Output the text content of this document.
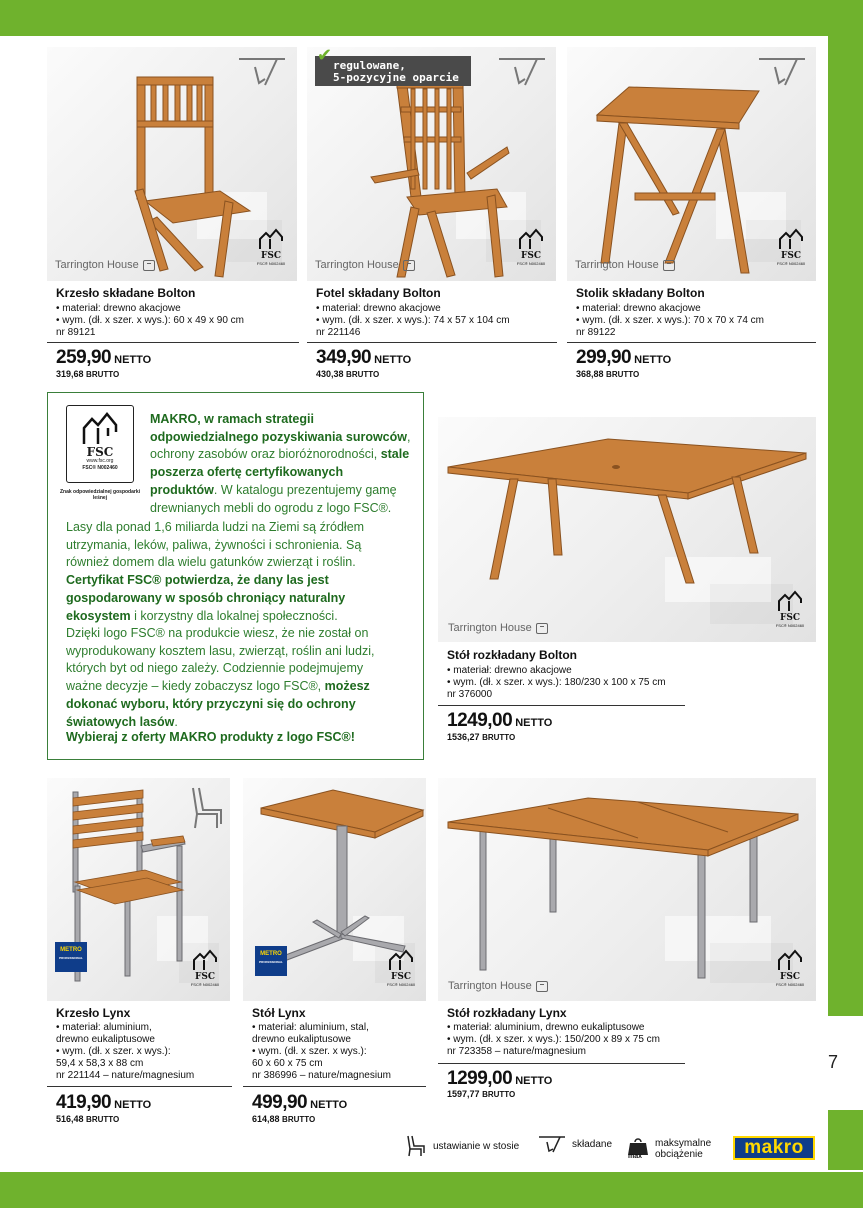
7
Tarrington House
FSC
FSC® N002460
Krzesło składane Bolton
• materiał: drewno akacjowe
• wym. (dł. x szer. x wys.): 60 x 49 x 90 cm
nr 89121
259,90 NETTO
319,68 BRUTTO
Tarrington House
FSC
FSC® N002460
✔ regulowane,
5-pozycyjne oparcie
Fotel składany Bolton
• materiał: drewno akacjowe
• wym. (dł. x szer. x wys.): 74 x 57 x 104 cm
nr 221146
349,90 NETTO
430,38 BRUTTO
Tarrington House
FSC
FSC® N002460
Stolik składany Bolton
• materiał: drewno akacjowe
• wym. (dł. x szer. x wys.): 70 x 70 x 74 cm
nr 89122
299,90 NETTO
368,88 BRUTTO
FSC
www.fsc.org
FSC® N002460
Znak odpowiedzialnej gospodarki leśnej
MAKRO, w ramach strategii odpowiedzialnego pozyskiwania surowców, ochrony zasobów oraz bioróżnorodności, stale poszerza ofertę certyfikowanych produktów. W katalogu prezentujemy gamę drewnianych mebli do ogrodu z logo FSC®.
Lasy dla ponad 1,6 miliarda ludzi na Ziemi są źródłem utrzymania, leków, paliwa, żywności i schronienia. Są również domem dla wielu gatunków zwierząt i roślin. Certyfikat FSC® potwierdza, że dany las jest gospodarowany w sposób chroniący naturalny ekosystem i korzystny dla lokalnej społeczności.
Dzięki logo FSC® na produkcie wiesz, że nie został on wyprodukowany kosztem lasu, zwierząt, roślin ani ludzi, których byt od niego zależy. Codziennie podejmujemy ważne decyzje – kiedy zobaczysz logo FSC®, możesz dokonać wyboru, który przyczyni się do ochrony światowych lasów.
Wybieraj z oferty MAKRO produkty z logo FSC®!
Tarrington House
FSC
FSC® N002460
Stół rozkładany Bolton
• materiał: drewno akacjowe
• wym. (dł. x szer. x wys.): 180/230 x 100 x 75 cm
nr 376000
1249,00 NETTO
1536,27 BRUTTO
METRO
PROFESSIONAL
FSC
FSC® N002460
Krzesło Lynx
• materiał: aluminium,
drewno eukaliptusowe
• wym. (dł. x szer. x wys.):
59,4 x 58,3 x 88 cm
nr 221144 – nature/magnesium
419,90 NETTO
516,48 BRUTTO
METRO
PROFESSIONAL
FSC
FSC® N002460
Stół Lynx
• materiał: aluminium, stal,
drewno eukaliptusowe
• wym. (dł. x szer. x wys.):
60 x 60 x 75 cm
nr 386996 – nature/magnesium
499,90 NETTO
614,88 BRUTTO
Tarrington House
FSC
FSC® N002460
Stół rozkładany Lynx
• materiał: aluminium, drewno eukaliptusowe
• wym. (dł. x szer. x wys.): 150/200 x 89 x 75 cm
nr 723358 – nature/magnesium
1299,00 NETTO
1597,77 BRUTTO
ustawianie w stosie	składane
max
maksymalne
obciążenie	makro
